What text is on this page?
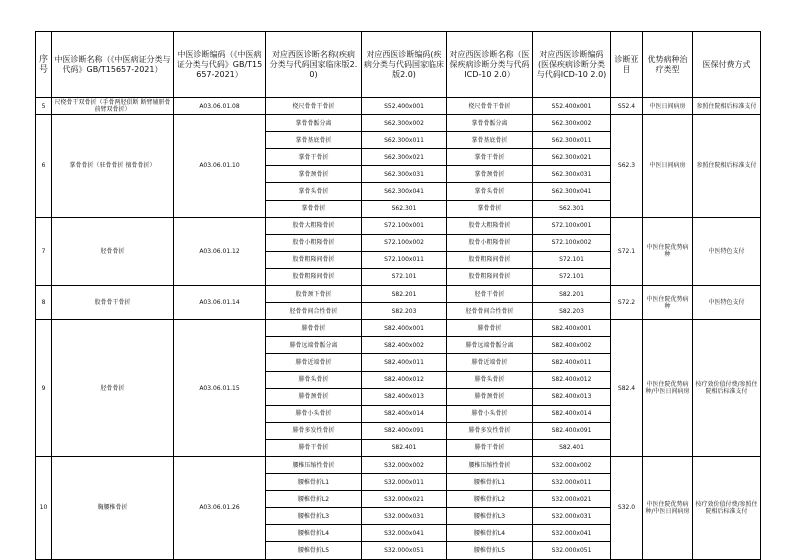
序号	中医诊断名称（《中医病证分类与代码》GB/T15657-2021）	中医诊断编码（《中医病证分类与代码》GB/T15657-2021）	对应西医诊断名称(疾病分类与代码国家临床版2.0)	对应西医诊断编码(疾病分类与代码国家临床版2.0)	对应西医诊断名称（医保疾病诊断分类与代码ICD-10 2.0）	对应西医诊断编码(医保疾病诊断分类与代码ICD-10 2.0)	诊断亚目	优势病种治疗类型	医保付费方式
5	尺桡骨干双骨折（手骨两胫俱断 断臂辅胼骨 前臂双骨折）	A03.06.01.08	桡尺骨骨干骨折	S52.400x001	桡尺骨骨干骨折	S52.400x001	S52.4	中医日间病房	参照住院相后标准支付
6	掌骨骨折（驻骨骨折 擅骨骨折）	A03.06.01.10	掌骨骨骺分离	S62.300x002	掌骨骨骺分离	S62.300x002	S62.3	中医日间病房	参照住院相后标准支付
			掌骨基底骨折	S62.300x011	掌骨基底骨折	S62.300x011			
			掌骨干骨折	S62.300x021	掌骨干骨折	S62.300x021			
			掌骨颈骨折	S62.300x031	掌骨颈骨折	S62.300x031			
			掌骨头骨折	S62.300x041	掌骨头骨折	S62.300x041			
			掌骨骨折	S62.301	掌骨骨折	S62.301			
7	胫骨骨折	A03.06.01.12	股骨大粗隆骨折	S72.100x001	股骨大粗隆骨折	S72.100x001	S72.1	中医住院优势病种	中医特色支付
			股骨小粗隆骨折	S72.100x002	股骨小粗隆骨折	S72.100x002			
			股骨粗隆间骨折	S72.100x011	股骨粗隆间骨折	S72.101			
			股骨粗隆间骨折	S72.101	股骨粗隆间骨折	S72.101			
8	股骨骨干骨折	A03.06.01.14	股骨颈下骨折	S82.201	胫骨干骨折	S82.201	S72.2	中医住院优势病种	中医特色支付
			胫骨骨间合性骨折	S82.203	胫骨骨间合性骨折	S82.203			
9	胫骨骨折	A03.06.01.15	腓骨骨折	S82.400x001	腓骨骨折	S82.400x001	S82.4	中医住院优势病种/中医日间病房	按疗效价值付费/参照住院相后标准支付
			腓骨远端骨骺分离	S82.400x002	腓骨远端骨骺分离	S82.400x002			
			腓骨近端骨折	S82.400x011	腓骨近端骨折	S82.400x011			
			腓骨头骨折	S82.400x012	腓骨头骨折	S82.400x012			
			腓骨颈骨折	S82.400x013	腓骨颈骨折	S82.400x013			
			腓骨小头骨折	S82.400x014	腓骨小头骨折	S82.400x014			
			腓骨多发性骨折	S82.400x091	腓骨多发性骨折	S82.400x091			
			腓骨干骨折	S82.401	腓骨干骨折	S82.401			
10	胸腰椎骨折	A03.06.01.26	腰椎压缩性骨折	S32.000x002	腰椎压缩性骨折	S32.000x002	S32.0	中医住院优势病种/中医日间病房	按疗效价值付费/参照住院相后标准支付
			腰椎骨折L1	S32.000x011	腰椎骨折L1	S32.000x011			
			腰椎骨折L2	S32.000x021	腰椎骨折L2	S32.000x021			
			腰椎骨折L3	S32.000x031	腰椎骨折L3	S32.000x031			
			腰椎骨折L4	S32.000x041	腰椎骨折L4	S32.000x041			
			腰椎骨折L5	S32.000x051	腰椎骨折L5	S32.000x051			
